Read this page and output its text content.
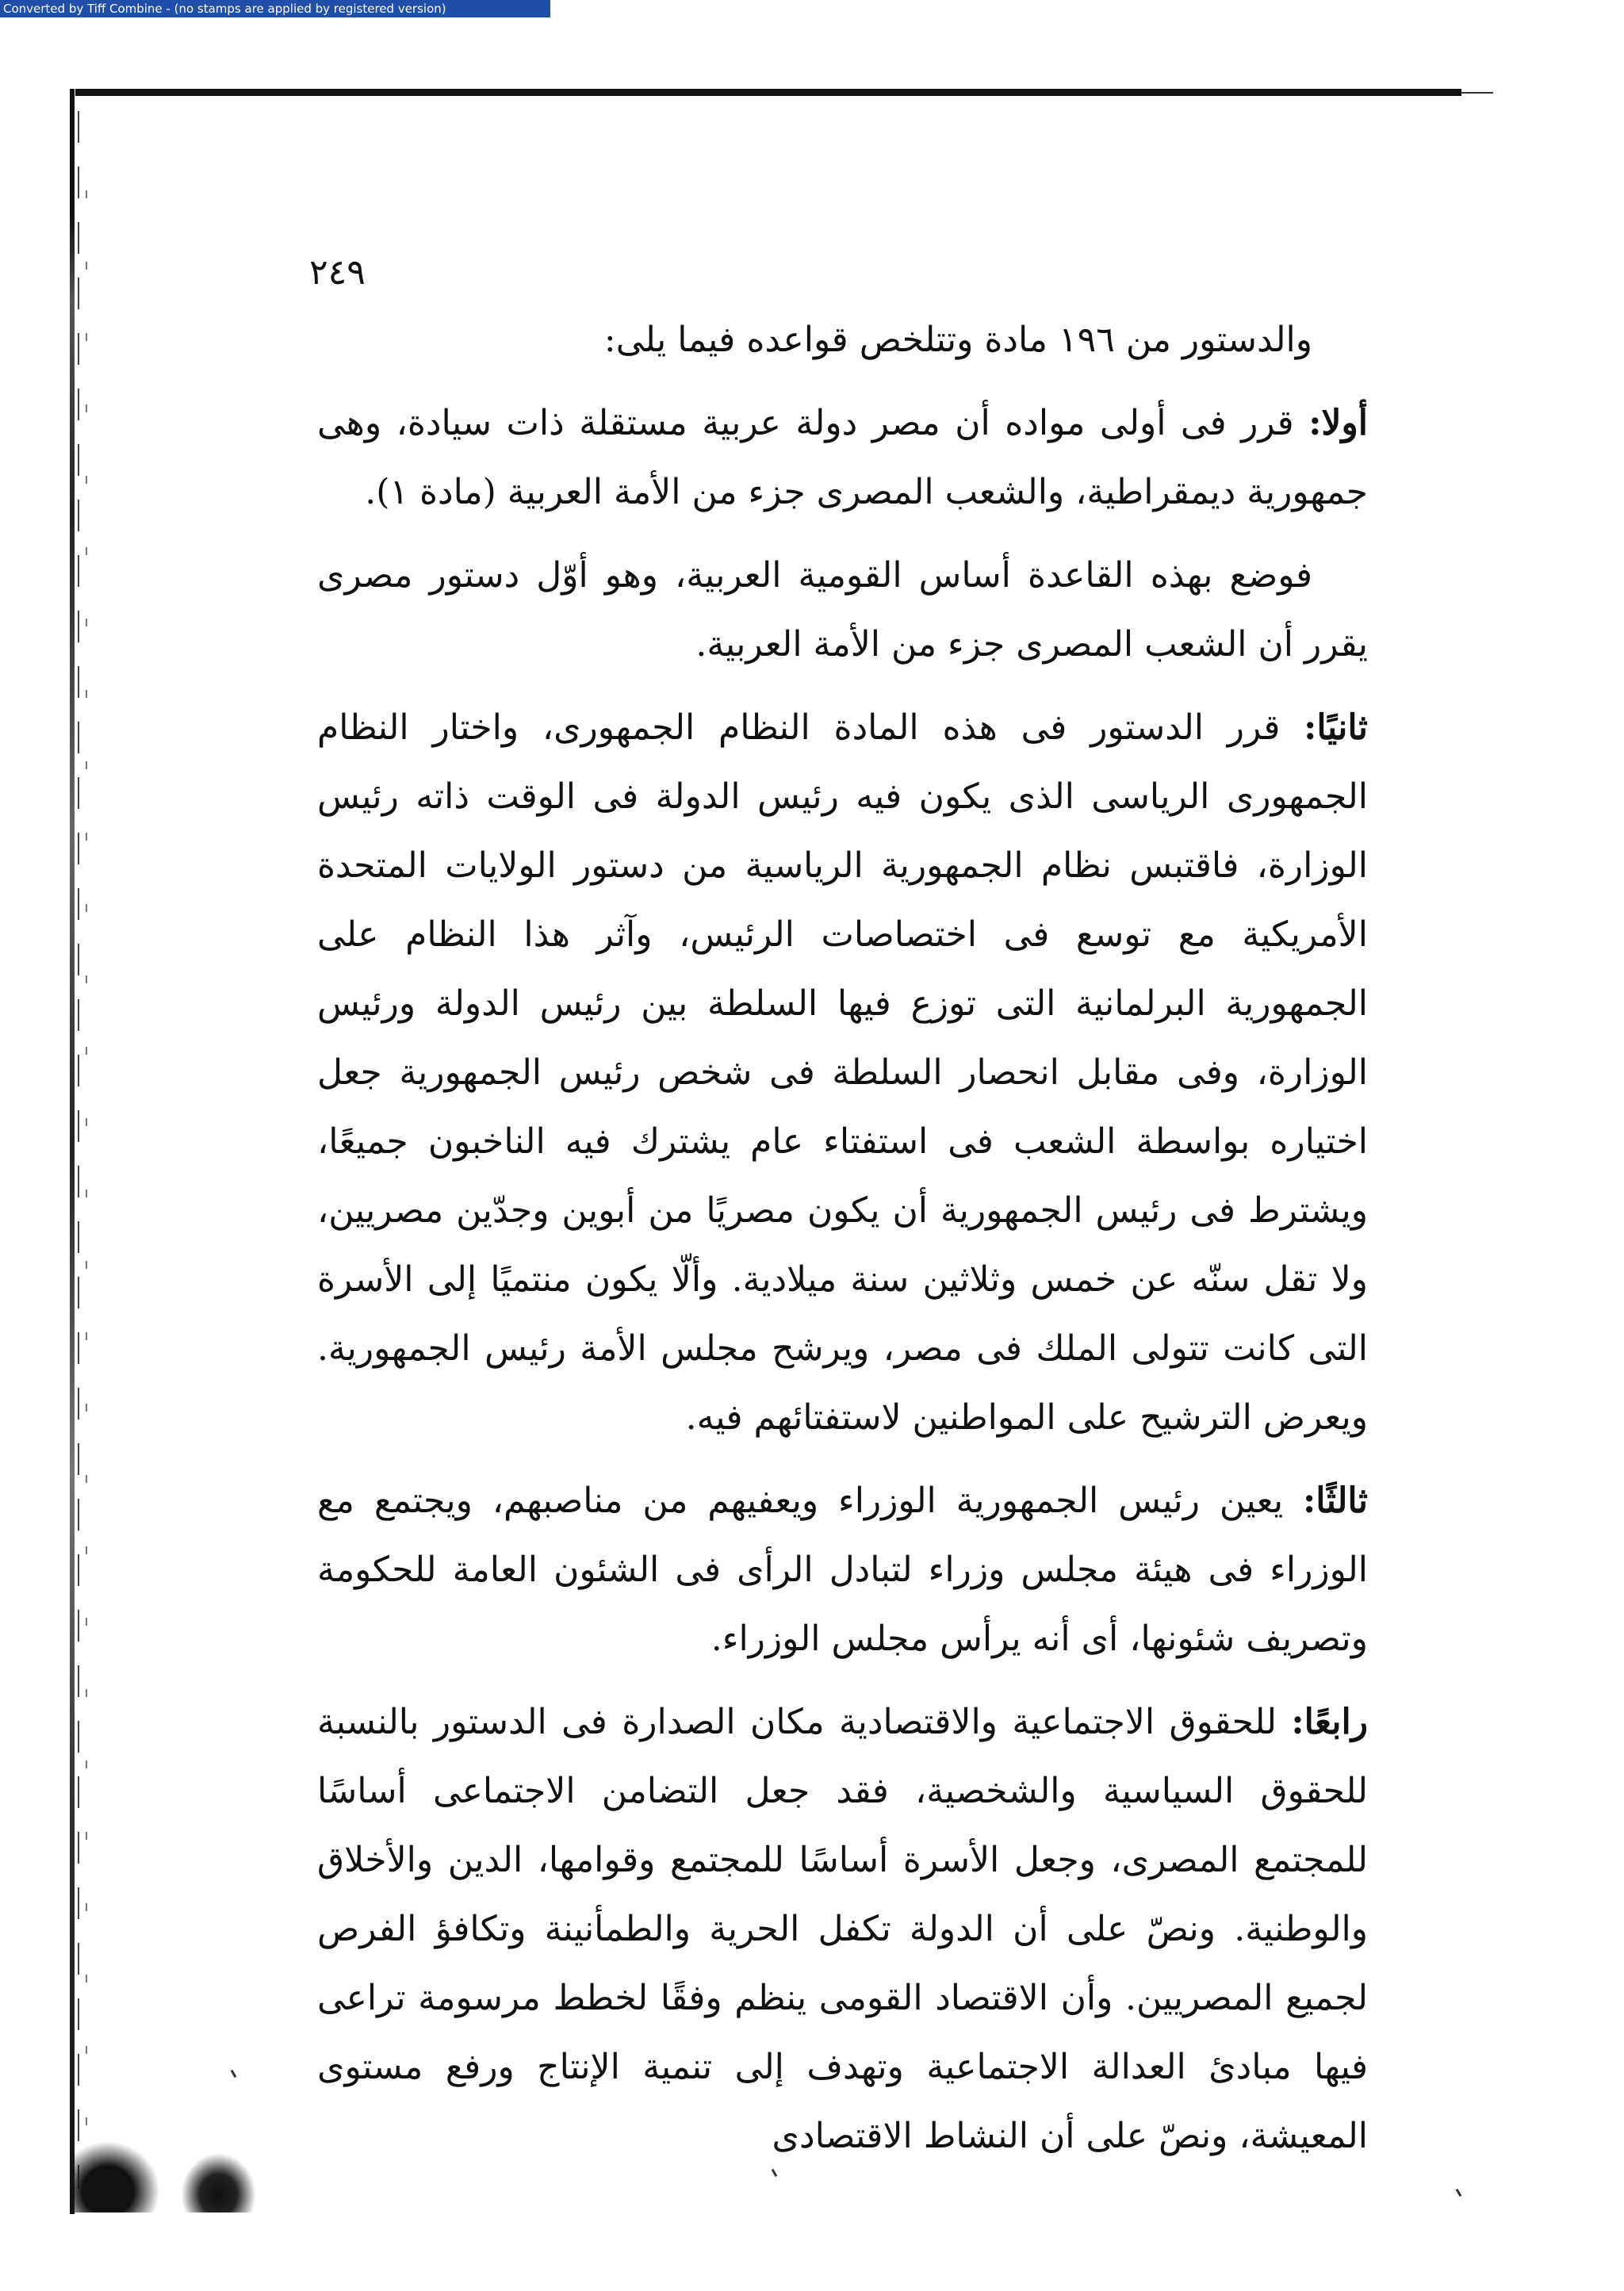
Converted by Tiff Combine - (no stamps are applied by registered version)
٢٤٩

والدستور من ١٩٦ مادة وتتلخص قواعده فيما يلى:

أولا: قرر فى أولى مواده أن مصر دولة عربية مستقلة ذات سيادة، وهى جمهورية ديمقراطية، والشعب المصرى جزء من الأمة العربية (مادة ١).

فوضع بهذه القاعدة أساس القومية العربية، وهو أوّل دستور مصرى يقرر أن الشعب المصرى جزء من الأمة العربية.

ثانيًا: قرر الدستور فى هذه المادة النظام الجمهورى، واختار النظام الجمهورى الرياسى الذى يكون فيه رئيس الدولة فى الوقت ذاته رئيس الوزارة، فاقتبس نظام الجمهورية الرياسية من دستور الولايات المتحدة الأمريكية مع توسع فى اختصاصات الرئيس، وآثر هذا النظام على الجمهورية البرلمانية التى توزع فيها السلطة بين رئيس الدولة ورئيس الوزارة، وفى مقابل انحصار السلطة فى شخص رئيس الجمهورية جعل اختياره بواسطة الشعب فى استفتاء عام يشترك فيه الناخبون جميعًا، ويشترط فى رئيس الجمهورية أن يكون مصريًا من أبوين وجدّين مصريين، ولا تقل سنّه عن خمس وثلاثين سنة ميلادية. وألّا يكون منتميًا إلى الأسرة التى كانت تتولى الملك فى مصر، ويرشح مجلس الأمة رئيس الجمهورية. ويعرض الترشيح على المواطنين لاستفتائهم فيه.

ثالثًا: يعين رئيس الجمهورية الوزراء ويعفيهم من مناصبهم، ويجتمع مع الوزراء فى هيئة مجلس وزراء لتبادل الرأى فى الشئون العامة للحكومة وتصريف شئونها، أى أنه يرأس مجلس الوزراء.

رابعًا: للحقوق الاجتماعية والاقتصادية مكان الصدارة فى الدستور بالنسبة للحقوق السياسية والشخصية، فقد جعل التضامن الاجتماعى أساسًا للمجتمع المصرى، وجعل الأسرة أساسًا للمجتمع وقوامها، الدين والأخلاق والوطنية. ونصّ على أن الدولة تكفل الحرية والطمأنينة وتكافؤ الفرص لجميع المصريين. وأن الاقتصاد القومى ينظم وفقًا لخطط مرسومة تراعى فيها مبادئ العدالة الاجتماعية وتهدف إلى تنمية الإنتاج ورفع مستوى المعيشة، ونصّ على أن النشاط الاقتصادى
